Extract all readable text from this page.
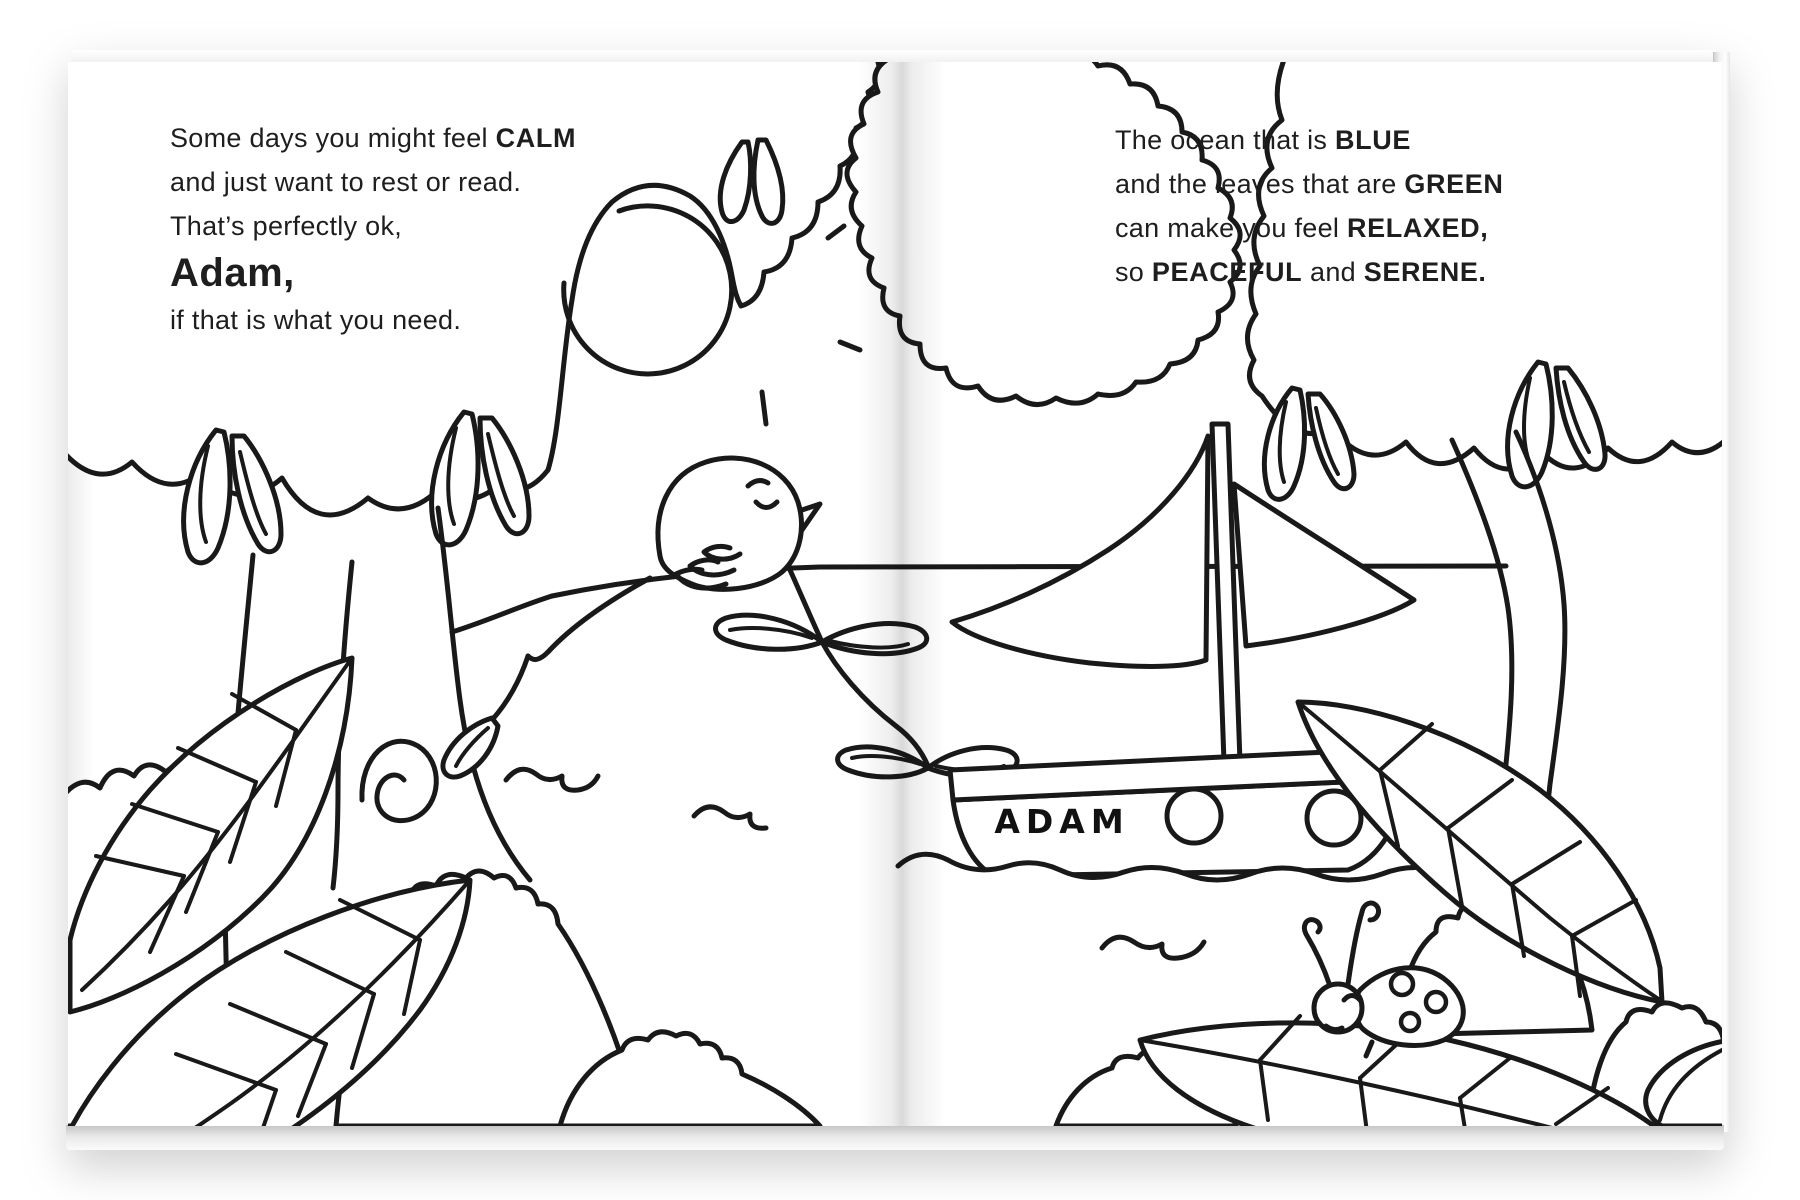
ADAM
Some days you might feel CALM
and just want to rest or read.
That’s perfectly ok,
Adam,
if that is what you need.
The ocean that is BLUE
and the leaves that are GREEN
can make you feel RELAXED,
so PEACEFUL and SERENE.
